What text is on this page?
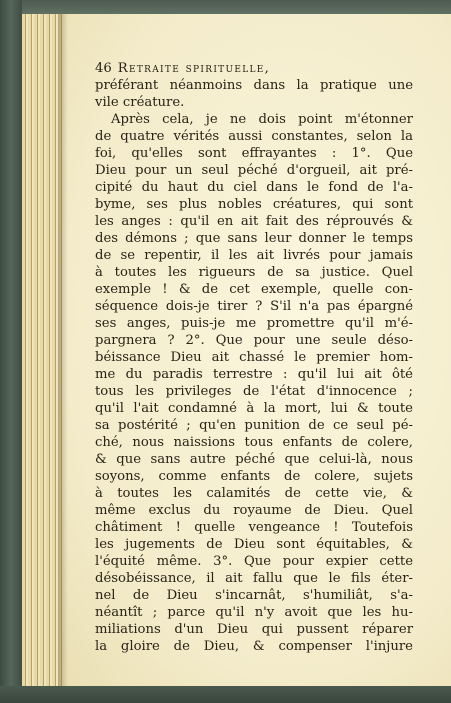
46 Retraite spirituelle,
préférant néanmoins dans la pratique une
vile créature.
Après cela, je ne dois point m'étonner
de quatre vérités aussi constantes, selon la
foi, qu'elles sont effrayantes : 1°. Que
Dieu pour un seul péché d'orgueil, ait pré-
cipité du haut du ciel dans le fond de l'a-
byme, ses plus nobles créatures, qui sont
les anges : qu'il en ait fait des réprouvés &
des démons ; que sans leur donner le temps
de se repentir, il les ait livrés pour jamais
à toutes les rigueurs de sa justice. Quel
exemple ! & de cet exemple, quelle con-
séquence dois-je tirer ? S'il n'a pas épargné
ses anges, puis-je me promettre qu'il m'é-
pargnera ? 2°. Que pour une seule déso-
béissance Dieu ait chassé le premier hom-
me du paradis terrestre : qu'il lui ait ôté
tous les privileges de l'état d'innocence ;
qu'il l'ait condamné à la mort, lui & toute
sa postérité ; qu'en punition de ce seul pé-
ché, nous naissions tous enfants de colere,
& que sans autre péché que celui-là, nous
soyons, comme enfants de colere, sujets
à toutes les calamités de cette vie, &
même exclus du royaume de Dieu. Quel
châtiment ! quelle vengeance ! Toutefois
les jugements de Dieu sont équitables, &
l'équité même. 3°. Que pour expier cette
désobéissance, il ait fallu que le fils éter-
nel de Dieu s'incarnât, s'humiliât, s'a-
néantît ; parce qu'il n'y avoit que les hu-
miliations d'un Dieu qui pussent réparer
la gloire de Dieu, & compenser l'injure
